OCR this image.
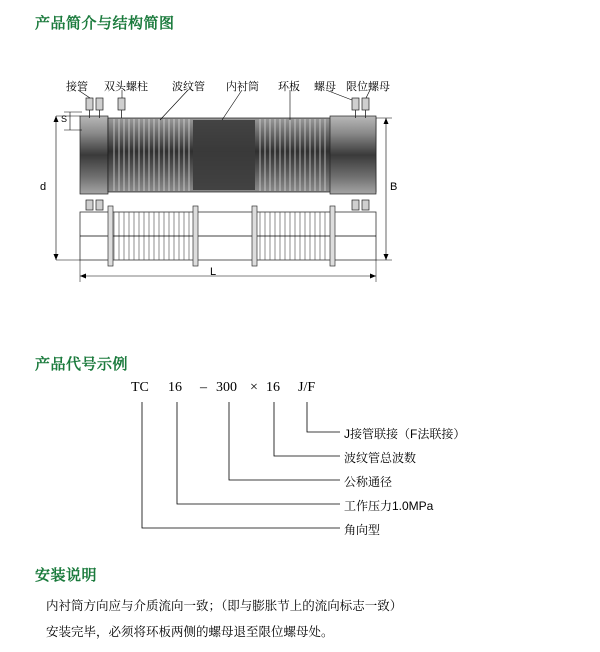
产品简介与结构简图
接管 双头螺柱 波纹管 内衬筒 环板 螺母 限位螺母
S
d	B
L
产品代号示例
TC 16 – 300 × 16 J/F
J接管联接（F法联接）
波纹管总波数
公称通径
工作压力1.0MPa
角向型
安装说明

内衬筒方向应与介质流向一致；（即与膨胀节上的流向标志一致）

安装完毕，必须将环板两侧的螺母退至限位螺母处。
